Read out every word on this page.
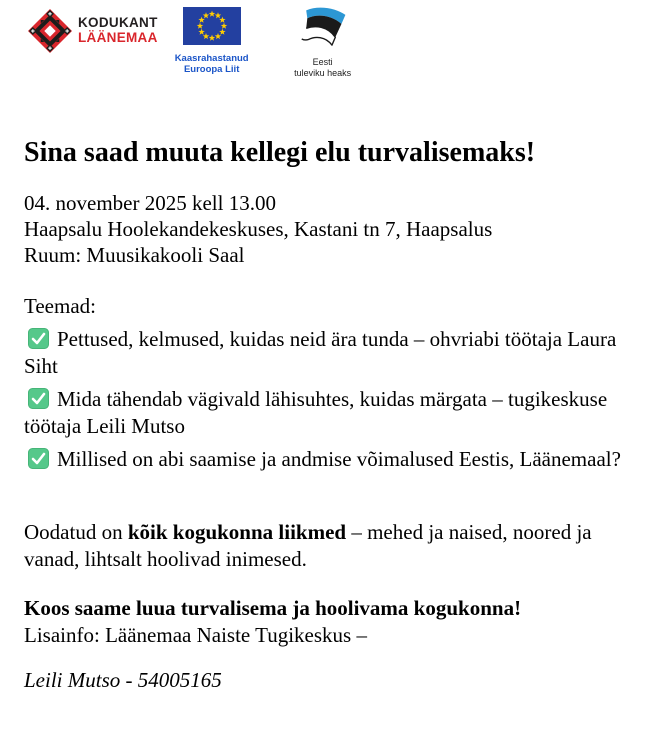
KODUKANT
LÄÄNEMAA
Kaasrahastanud
Euroopa Liit
Eesti
tuleviku heaks
Sina saad muuta kellegi elu turvalisemaks!
04. november 2025 kell 13.00
Haapsalu Hoolekandekeskuses, Kastani tn 7, Haapsalus
Ruum: Muusikakooli Saal
Teemad:

Pettused, kelmused, kuidas neid ära tunda – ohvriabi töötaja Laura Siht

Mida tähendab vägivald lähisuhtes, kuidas märgata – tugikeskuse töötaja Leili Mutso

Millised on abi saamise ja andmise võimalused Eestis, Läänemaal?

Oodatud on kõik kogukonna liikmed – mehed ja naised, noored ja vanad, lihtsalt hoolivad inimesed.

Koos saame luua turvalisema ja hoolivama kogukonna!

Lisainfo: Läänemaa Naiste Tugikeskus –

Leili Mutso - 54005165
